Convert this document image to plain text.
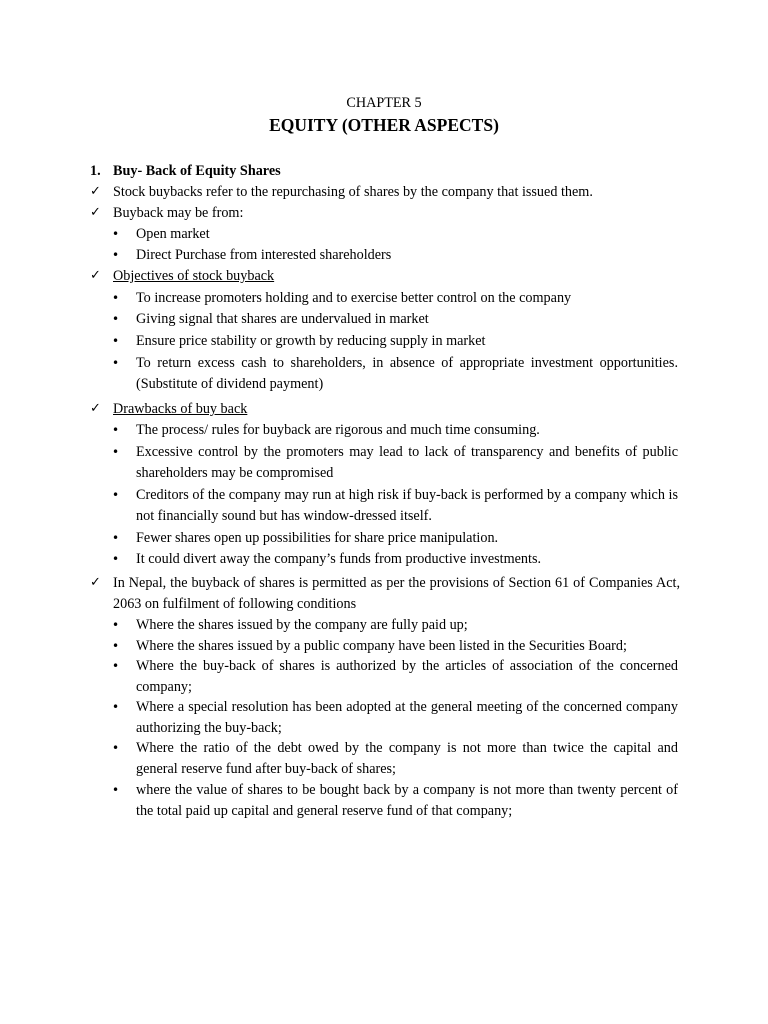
CHAPTER 5
EQUITY (OTHER ASPECTS)
1. Buy- Back of Equity Shares
✓ Stock buybacks refer to the repurchasing of shares by the company that issued them.
✓ Buyback may be from:
•	Open market
•	Direct Purchase from interested shareholders
✓ Objectives of stock buyback
•	To increase promoters holding and to exercise better control on the company
•	Giving signal that shares are undervalued in market
•	Ensure price stability or growth by reducing supply in market
•	To return excess cash to shareholders, in absence of appropriate investment opportunities. (Substitute of dividend payment)
✓ Drawbacks of buy back
•	The process/ rules for buyback are rigorous and much time consuming.
•	Excessive control by the promoters may lead to lack of transparency and benefits of public shareholders may be compromised
•	Creditors of the company may run at high risk if buy-back is performed by a company which is not financially sound but has window-dressed itself.
•	Fewer shares open up possibilities for share price manipulation.
•	It could divert away the company’s funds from productive investments.
✓ In Nepal, the buyback of shares is permitted as per the provisions of Section 61 of Companies Act, 2063 on fulfilment of following conditions
•	Where the shares issued by the company are fully paid up;
•	Where the shares issued by a public company have been listed in the Securities Board;
•	Where the buy-back of shares is authorized by the articles of association of the concerned company;
•	Where a special resolution has been adopted at the general meeting of the concerned company authorizing the buy-back;
•	Where the ratio of the debt owed by the company is not more than twice the capital and general reserve fund after buy-back of shares;
•	where the value of shares to be bought back by a company is not more than twenty percent of the total paid up capital and general reserve fund of that company;
